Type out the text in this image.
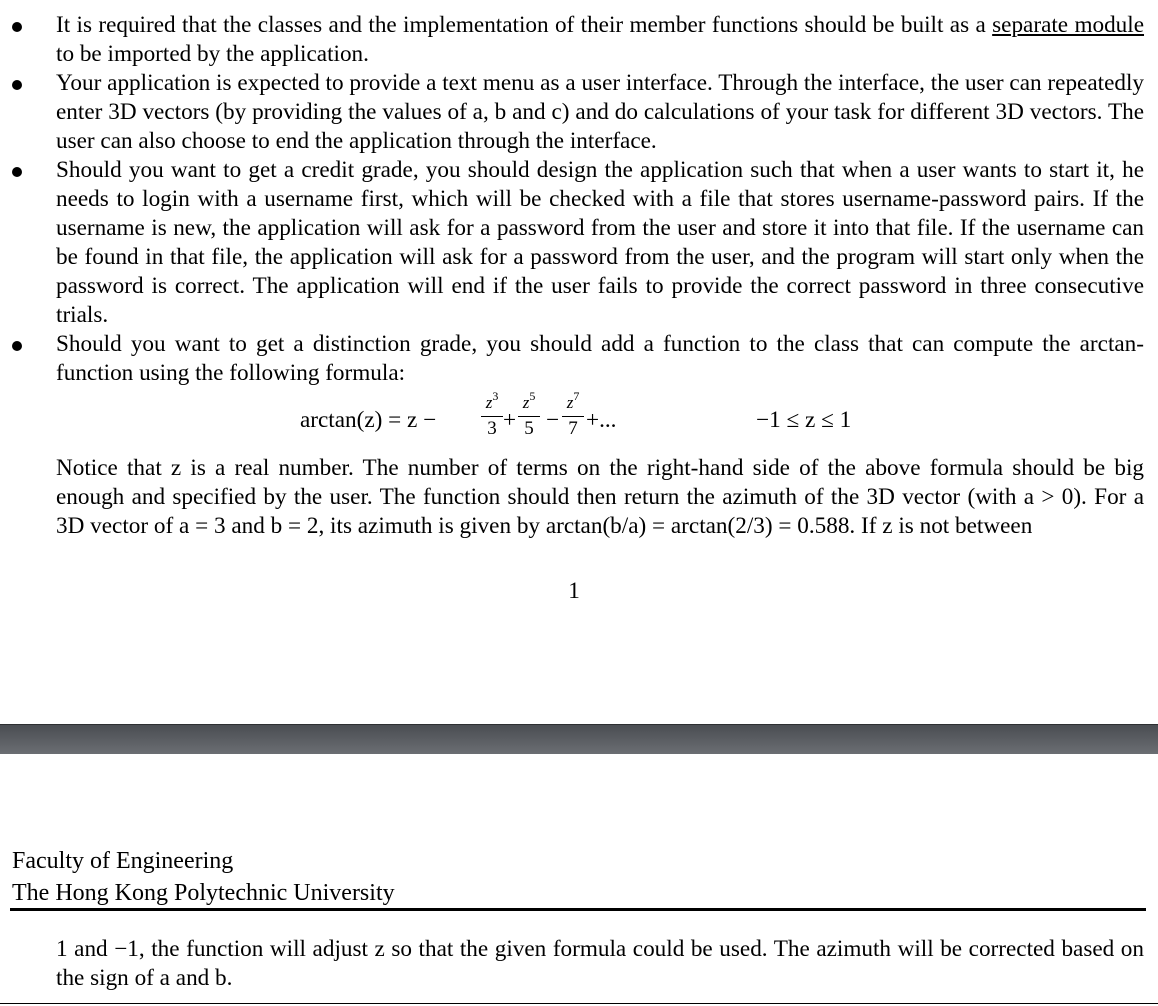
It is required that the classes and the implementation of their member functions should be built as a separate module to be imported by the application.
Your application is expected to provide a text menu as a user interface. Through the interface, the user can repeatedly enter 3D vectors (by providing the values of a, b and c) and do calculations of your task for different 3D vectors. The user can also choose to end the application through the interface.
Should you want to get a credit grade, you should design the application such that when a user wants to start it, he needs to login with a username first, which will be checked with a file that stores username-password pairs. If the username is new, the application will ask for a password from the user and store it into that file. If the username can be found in that file, the application will ask for a password from the user, and the program will start only when the password is correct. The application will end if the user fails to provide the correct password in three consecutive trials.
Should you want to get a distinction grade, you should add a function to the class that can compute the arctan-function using the following formula:
arctan(z) = z −
$z^3$
3 +
$z^5$
5 −
$z^7$
7 +...	−1 ≤ z ≤ 1
Notice that z is a real number. The number of terms on the right-hand side of the above formula should be big enough and specified by the user. The function should then return the azimuth of the 3D vector (with a > 0). For a 3D vector of a = 3 and b = 2, its azimuth is given by arctan(b/a) = arctan(2/3) = 0.588. If z is not between
1
Faculty of Engineering
The Hong Kong Polytechnic University
1 and −1, the function will adjust z so that the given formula could be used. The azimuth will be corrected based on the sign of a and b.
